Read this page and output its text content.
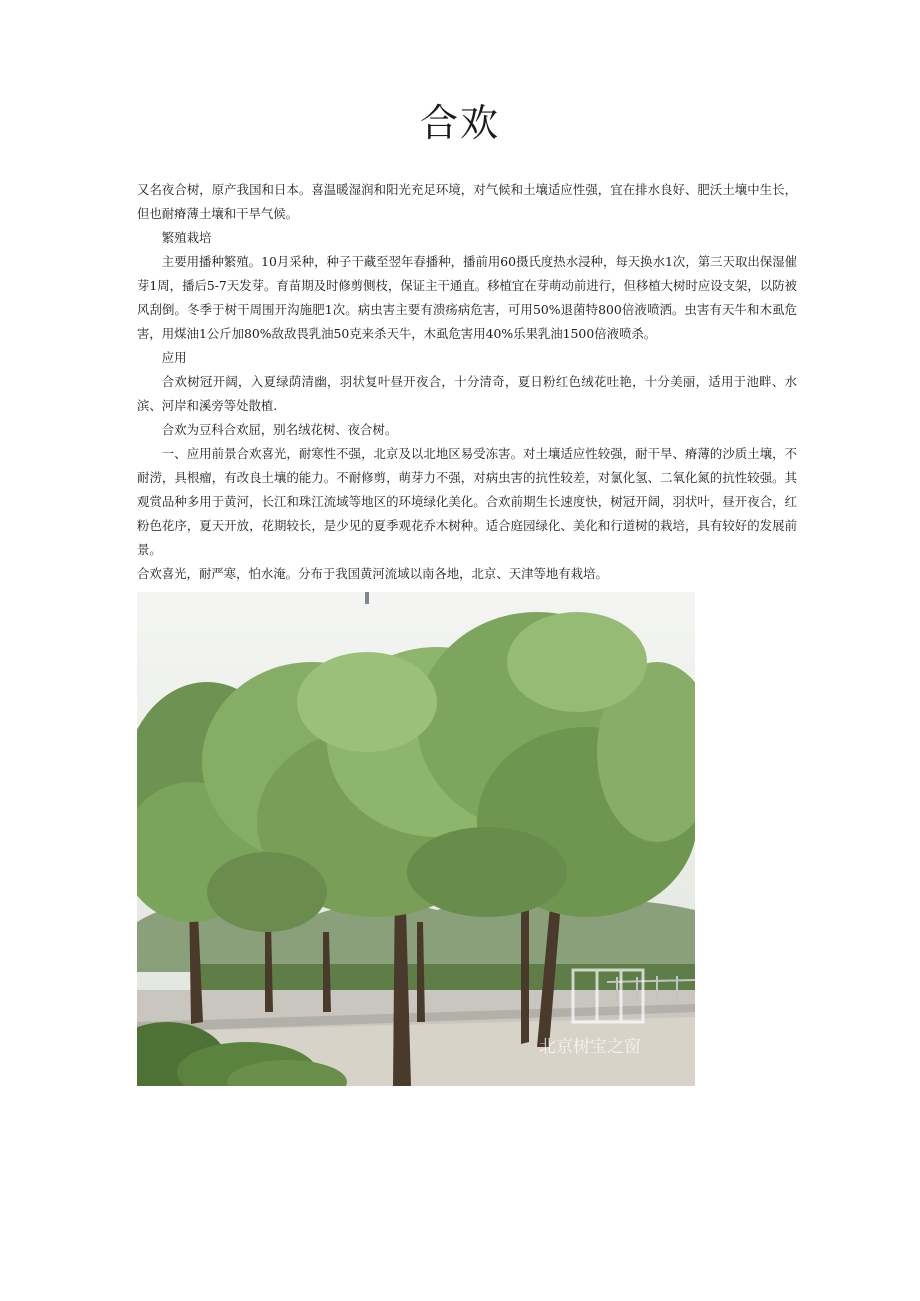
合欢

又名夜合树，原产我国和日本。喜温暖湿润和阳光充足环境，对气候和土壤适应性强，宜在排水良好、肥沃土壤中生长，但也耐瘠薄土壤和干旱气候。

繁殖栽培

主要用播种繁殖。10月采种，种子干藏至翌年春播种，播前用60摄氏度热水浸种，每天换水1次，第三天取出保湿催芽1周，播后5-7天发芽。育苗期及时修剪侧枝，保证主干通直。移植宜在芽萌动前进行，但移植大树时应设支架，以防被风刮倒。冬季于树干周围开沟施肥1次。病虫害主要有溃疡病危害，可用50%退菌特800倍液喷洒。虫害有天牛和木虱危害，用煤油1公斤加80%敌敌畏乳油50克来杀天牛，木虱危害用40%乐果乳油1500倍液喷杀。

应用

合欢树冠开阔，入夏绿荫清幽，羽状复叶昼开夜合，十分清奇，夏日粉红色绒花吐艳，十分美丽，适用于池畔、水滨、河岸和溪旁等处散植.

合欢为豆科合欢屈，别名绒花树、夜合树。

一、应用前景合欢喜光，耐寒性不强，北京及以北地区易受冻害。对土壤适应性较强，耐干旱、瘠薄的沙质土壤，不耐涝，具根瘤，有改良土壤的能力。不耐修剪，萌芽力不强，对病虫害的抗性较差，对氯化氢、二氧化氮的抗性较强。其观赏品种多用于黄河，长江和珠江流域等地区的环境绿化美化。合欢前期生长速度快，树冠开阔，羽状叶，昼开夜合，红粉色花序，夏天开放，花期较长，是少见的夏季观花乔木树种。适合庭园绿化、美化和行道树的栽培，具有较好的发展前景。

合欢喜光，耐严寒，怕水淹。分布于我国黄河流域以南各地，北京、天津等地有栽培。

北京树宝之窗
